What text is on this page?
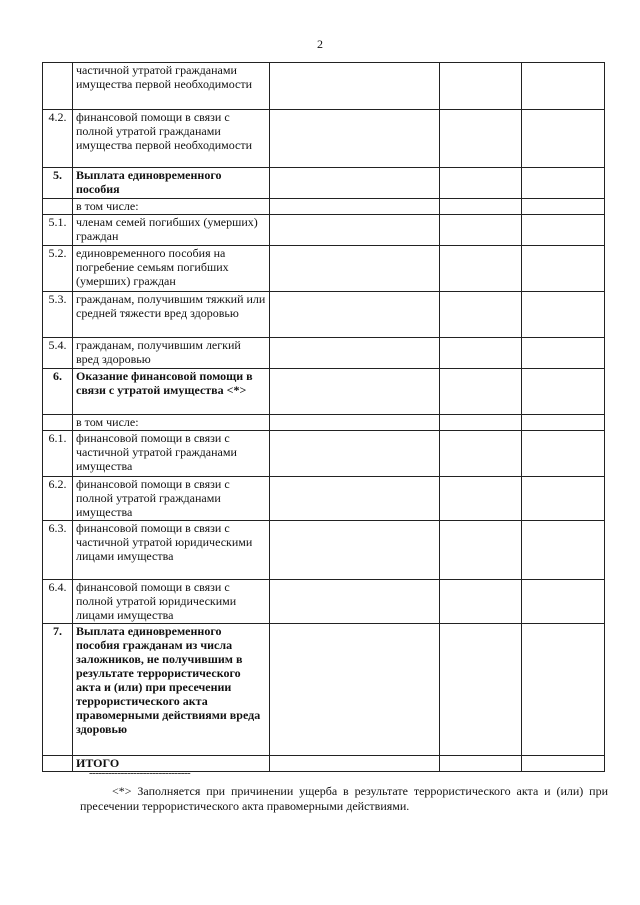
2
	частичной утратой гражданами имущества первой необходимости			
4.2.	финансовой помощи в связи с полной утратой гражданами имущества первой необходимости			
5.	Выплата единовременного пособия			
	в том числе:			
5.1.	членам семей погибших (умерших) граждан			
5.2.	единовременного пособия на погребение семьям погибших (умерших) граждан			
5.3.	гражданам, получившим тяжкий или средней тяжести вред здоровью			
5.4.	гражданам, получившим легкий вред здоровью			
6.	Оказание финансовой помощи в связи с утратой имущества <*>			
	в том числе:			
6.1.	финансовой помощи в связи с частичной утратой гражданами имущества			
6.2.	финансовой помощи в связи с полной утратой гражданами имущества			
6.3.	финансовой помощи в связи с частичной утратой юридическими лицами имущества			
6.4.	финансовой помощи в связи с полной утратой юридическими лицами имущества			
7.	Выплата единовременного пособия гражданам из числа заложников, не получившим в результате террористического акта и (или) при пресечении террористического акта правомерными действиями вреда здоровью			
	ИТОГО			
--------------------------------
<*> Заполняется при причинении ущерба в результате террористического акта и (или) при пресечении террористического акта правомерными действиями.
